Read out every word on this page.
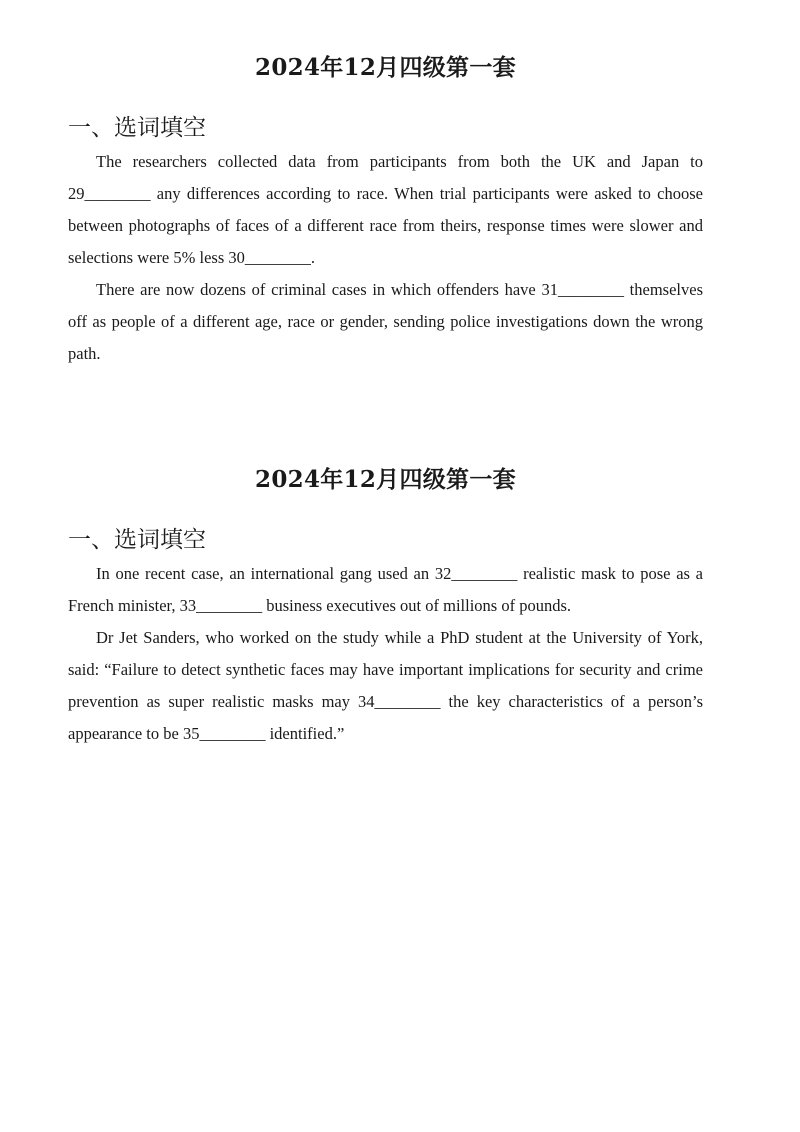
2024年12月四级第一套
一、选词填空

The researchers collected data from participants from both the UK and Japan to 29________ any differences according to race. When trial participants were asked to choose between photographs of faces of a different race from theirs, response times were slower and selections were 5% less 30________.

There are now dozens of criminal cases in which offenders have 31________ themselves off as people of a different age, race or gender, sending police investigations down the wrong path.

2024年12月四级第一套
一、选词填空

In one recent case, an international gang used an 32________ realistic mask to pose as a French minister, 33________ business executives out of millions of pounds.

Dr Jet Sanders, who worked on the study while a PhD student at the University of York, said: “Failure to detect synthetic faces may have important implications for security and crime prevention as super realistic masks may 34________ the key characteristics of a person’s appearance to be 35________ identified.”
